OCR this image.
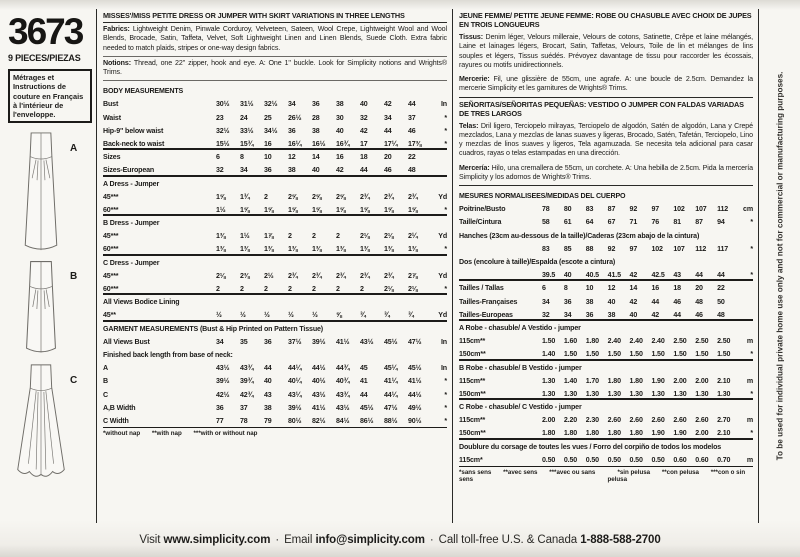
3673
9 PIECES/PIEZAS
Métrages et Instructions de couture en Français à l'intérieur de l'enveloppe.
A
B
C
MISSES'/MISS PETITE DRESS OR JUMPER WITH SKIRT VARIATIONS IN THREE LENGTHS

Fabrics: Lightweight Denim, Pinwale Corduroy, Velveteen, Sateen, Wool Crepe, Lightweight Wool and Wool Blends, Brocade, Satin, Taffeta, Velvet, Soft Lightweight Linen and Linen Blends, Suede Cloth. Extra fabric needed to match plaids, stripes or one-way design fabrics.

Notions: Thread, one 22" zipper, hook and eye. A: One 1" buckle. Look for Simplicity notions and Wrights® Trims.

BODY MEASUREMENTS
Bust	30½	31½	32½	34	36	38	40	42	44	In
Waist	23	24	25	26½	28	30	32	34	37	*
Hip-9" below waist	32½	33½	34½	36	38	40	42	44	46	*
Back-neck to waist	15½	15¾	16	16¼	16½	16¾	17	17¼	17⅜	*
Sizes	6	8	10	12	14	16	18	20	22
Sizes-European	32	34	36	38	40	42	44	46	48
A Dress - Jumper
45***	1⅝	1¾	2	2⅝	2⅝	2⅝	2¾	2¾	2¾	Yd
60***	1½	1⅝	1⅝	1⅝	1⅝	1⅝	1⅝	1⅝	1⅝	*
B Dress - Jumper
45***	1⅜	1½	1⅞	2	2	2	2⅛	2⅛	2¼	Yd
60***	1⅜	1⅜	1⅜	1⅜	1⅜	1⅜	1⅜	1⅜	1⅜	*
C Dress - Jumper
45***	2⅛	2⅜	2½	2¾	2¾	2¾	2¾	2¾	2⅞	Yd
60***	2	2	2	2	2	2	2	2⅛	2⅛	*
All Views Bodice Lining
45**	½	½	½	½	½	⅝	¾	¾	¾	Yd
GARMENT MEASUREMENTS (Bust & Hip Printed on Pattern Tissue)
All Views Bust	34	35	36	37½	39½	41½	43½	45½	47½	In
Finished back length from base of neck:
A	43½	43¾	44	44¼	44½	44¾	45	45¼	45½	In
B	39½	39¾	40	40¼	40½	40¾	41	41¼	41½	*
C	42½	42¾	43	43¼	43½	43¾	44	44¼	44½	*
A,B Width	36	37	38	39½	41½	43½	45½	47½	49½	*
C Width	77	78	79	80½	82½	84½	86½	88½	90½	*
*without nap **with nap ***with or without nap
JEUNE FEMME/ PETITE JEUNE FEMME: ROBE OU CHASUBLE AVEC CHOIX DE JUPES EN TROIS LONGUEURS

Tissus: Denim léger, Velours milleraie, Velours de cotons, Satinette, Crêpe et laine mélangés, Laine et lainages légers, Brocart, Satin, Taffetas, Velours, Toile de lin et mélanges de lins souples et légers, Tissus suédés. Prévoyez davantage de tissu pour raccorder les écossais, rayures ou motifs unidirectionnels.

Mercerie: Fil, une glissière de 55cm, une agrafe. A: une boucle de 2.5cm. Demandez la mercerie Simplicity et les garnitures de Wrights® Trims.

SEÑORITAS/SEÑORITAS PEQUEÑAS: VESTIDO O JUMPER CON FALDAS VARIADAS DE TRES LARGOS

Telas: Dril ligero, Terciopelo milrayas, Terciopelo de algodón, Satén de algodón, Lana y Crepé mezclados, Lana y mezclas de lanas suaves y ligeras, Brocado, Satén, Tafetán, Terciopelo, Lino y mezclas de linos suaves y ligeros, Tela agamuzada. Se necesita tela adicional para casar cuadros, rayas o telas estampadas en una dirección.

Mercería: Hilo, una cremallera de 55cm, un corchete. A: Una hebilla de 2.5cm. Pida la mercería Simplicity y los adornos de Wrights® Trims.

MESURES NORMALISEES/MEDIDAS DEL CUERPO
Poitrine/Busto	78	80	83	87	92	97	102	107	112	cm
Taille/Cintura	58	61	64	67	71	76	81	87	94	*
Hanches (23cm au-dessous de la taille)/Caderas (23cm abajo de la cintura)
83	85	88	92	97	102	107	112	117	*
Dos (encolure à taille)/Espalda (escote a cintura)
39.5	40	40.5	41.5	42	42.5	43	44	44	*
Tailles / Tallas	6	8	10	12	14	16	18	20	22
Tailles-Françaises	34	36	38	40	42	44	46	48	50
Tailles-Europeas	32	34	36	38	40	42	44	46	48
A Robe - chasuble/ A Vestido - jumper
115cm**	1.50	1.60	1.80	2.40	2.40	2.40	2.50	2.50	2.50	m
150cm**	1.40	1.50	1.50	1.50	1.50	1.50	1.50	1.50	1.50	*
B Robe - chasuble/ B Vestido - jumper
115cm**	1.30	1.40	1.70	1.80	1.80	1.90	2.00	2.00	2.10	m
150cm**	1.30	1.30	1.30	1.30	1.30	1.30	1.30	1.30	1.30	*
C Robe - chasuble/ C Vestido - jumper
115cm**	2.00	2.20	2.30	2.60	2.60	2.60	2.60	2.60	2.70	m
150cm**	1.80	1.80	1.80	1.80	1.80	1.90	1.90	2.00	2.10	*
Doublure du corsage de toutes les vues / Forro del corpiño de todos los modelos
115cm*	0.50	0.50	0.50	0.50	0.50	0.50	0.60	0.60	0.70	m
*sans sens **avec sens ***avec ou sans sens
*sin pelusa **con pelusa ***con o sin pelusa
To be used for individual private home use only and not for commercial or manufacturing purposes.
Visit
www.simplicity.com · Email
info@simplicity.com · Call toll-free U.S. & Canada
1-888-588-2700
